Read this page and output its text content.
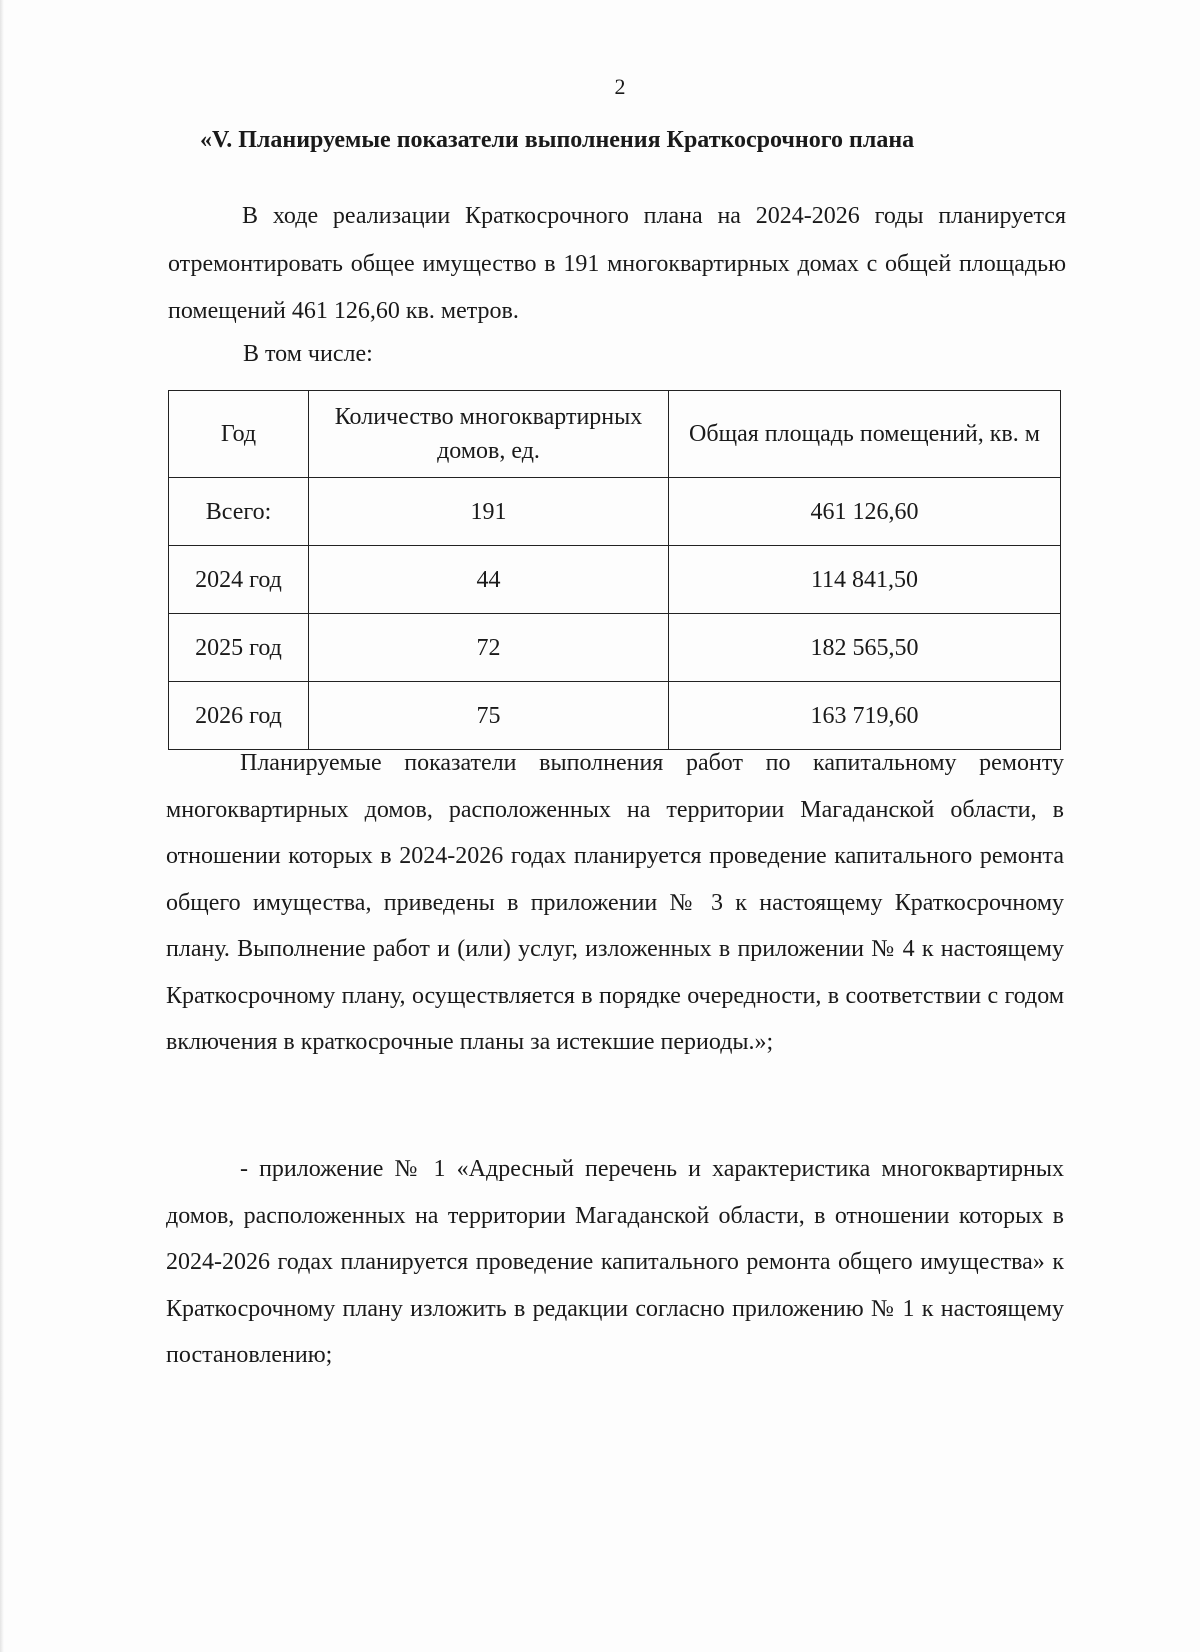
2
«V. Планируемые показатели выполнения Краткосрочного плана

В ходе реализации Краткосрочного плана на 2024-2026 годы планируется отремонтировать общее имущество в 191 многоквартирных домах с общей площадью помещений 461 126,60 кв. метров.

В том числе:

Год	Количество многоквартирных домов, ед.	Общая площадь помещений, кв. м
Всего:	191	461 126,60
2024 год	44	114 841,50
2025 год	72	182 565,50
2026 год	75	163 719,60

Планируемые показатели выполнения работ по капитальному ремонту многоквартирных домов, расположенных на территории Магаданской области, в отношении которых в 2024-2026 годах планируется проведение капитального ремонта общего имущества, приведены в приложении № 3 к настоящему Краткосрочному плану. Выполнение работ и (или) услуг, изложенных в приложении № 4 к настоящему Краткосрочному плану, осуществляется в порядке очередности, в соответствии с годом включения в краткосрочные планы за истекшие периоды.»;

- приложение № 1 «Адресный перечень и характеристика многоквартирных домов, расположенных на территории Магаданской области, в отношении которых в 2024-2026 годах планируется проведение капитального ремонта общего имущества» к Краткосрочному плану изложить в редакции согласно приложению № 1 к настоящему постановлению;
